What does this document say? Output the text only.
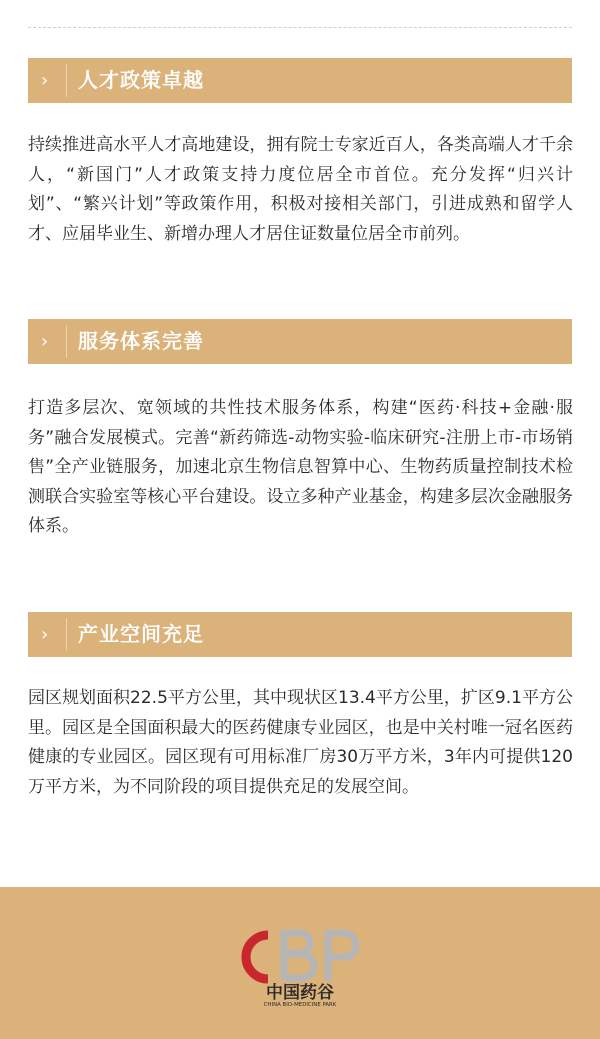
› 人才政策卓越

持续推进高水平人才高地建设，拥有院士专家近百人，各类高端人才千余人，“新国门”人才政策支持力度位居全市首位。充分发挥“归兴计划”、“繁兴计划”等政策作用，积极对接相关部门，引进成熟和留学人才、应届毕业生、新增办理人才居住证数量位居全市前列。

› 服务体系完善

打造多层次、宽领域的共性技术服务体系，构建“医药·科技+金融·服务”融合发展模式。完善“新药筛选-动物实验-临床研究-注册上市-市场销售”全产业链服务，加速北京生物信息智算中心、生物药质量控制技术检测联合实验室等核心平台建设。设立多种产业基金，构建多层次金融服务体系。

› 产业空间充足

园区规划面积22.5平方公里，其中现状区13.4平方公里，扩区9.1平方公里。园区是全国面积最大的医药健康专业园区，也是中关村唯一冠名医药健康的专业园区。园区现有可用标准厂房30万平方米，3年内可提供120万平方米，为不同阶段的项目提供充足的发展空间。

中国药谷
CHINA BIO-MEDICINE PARK
